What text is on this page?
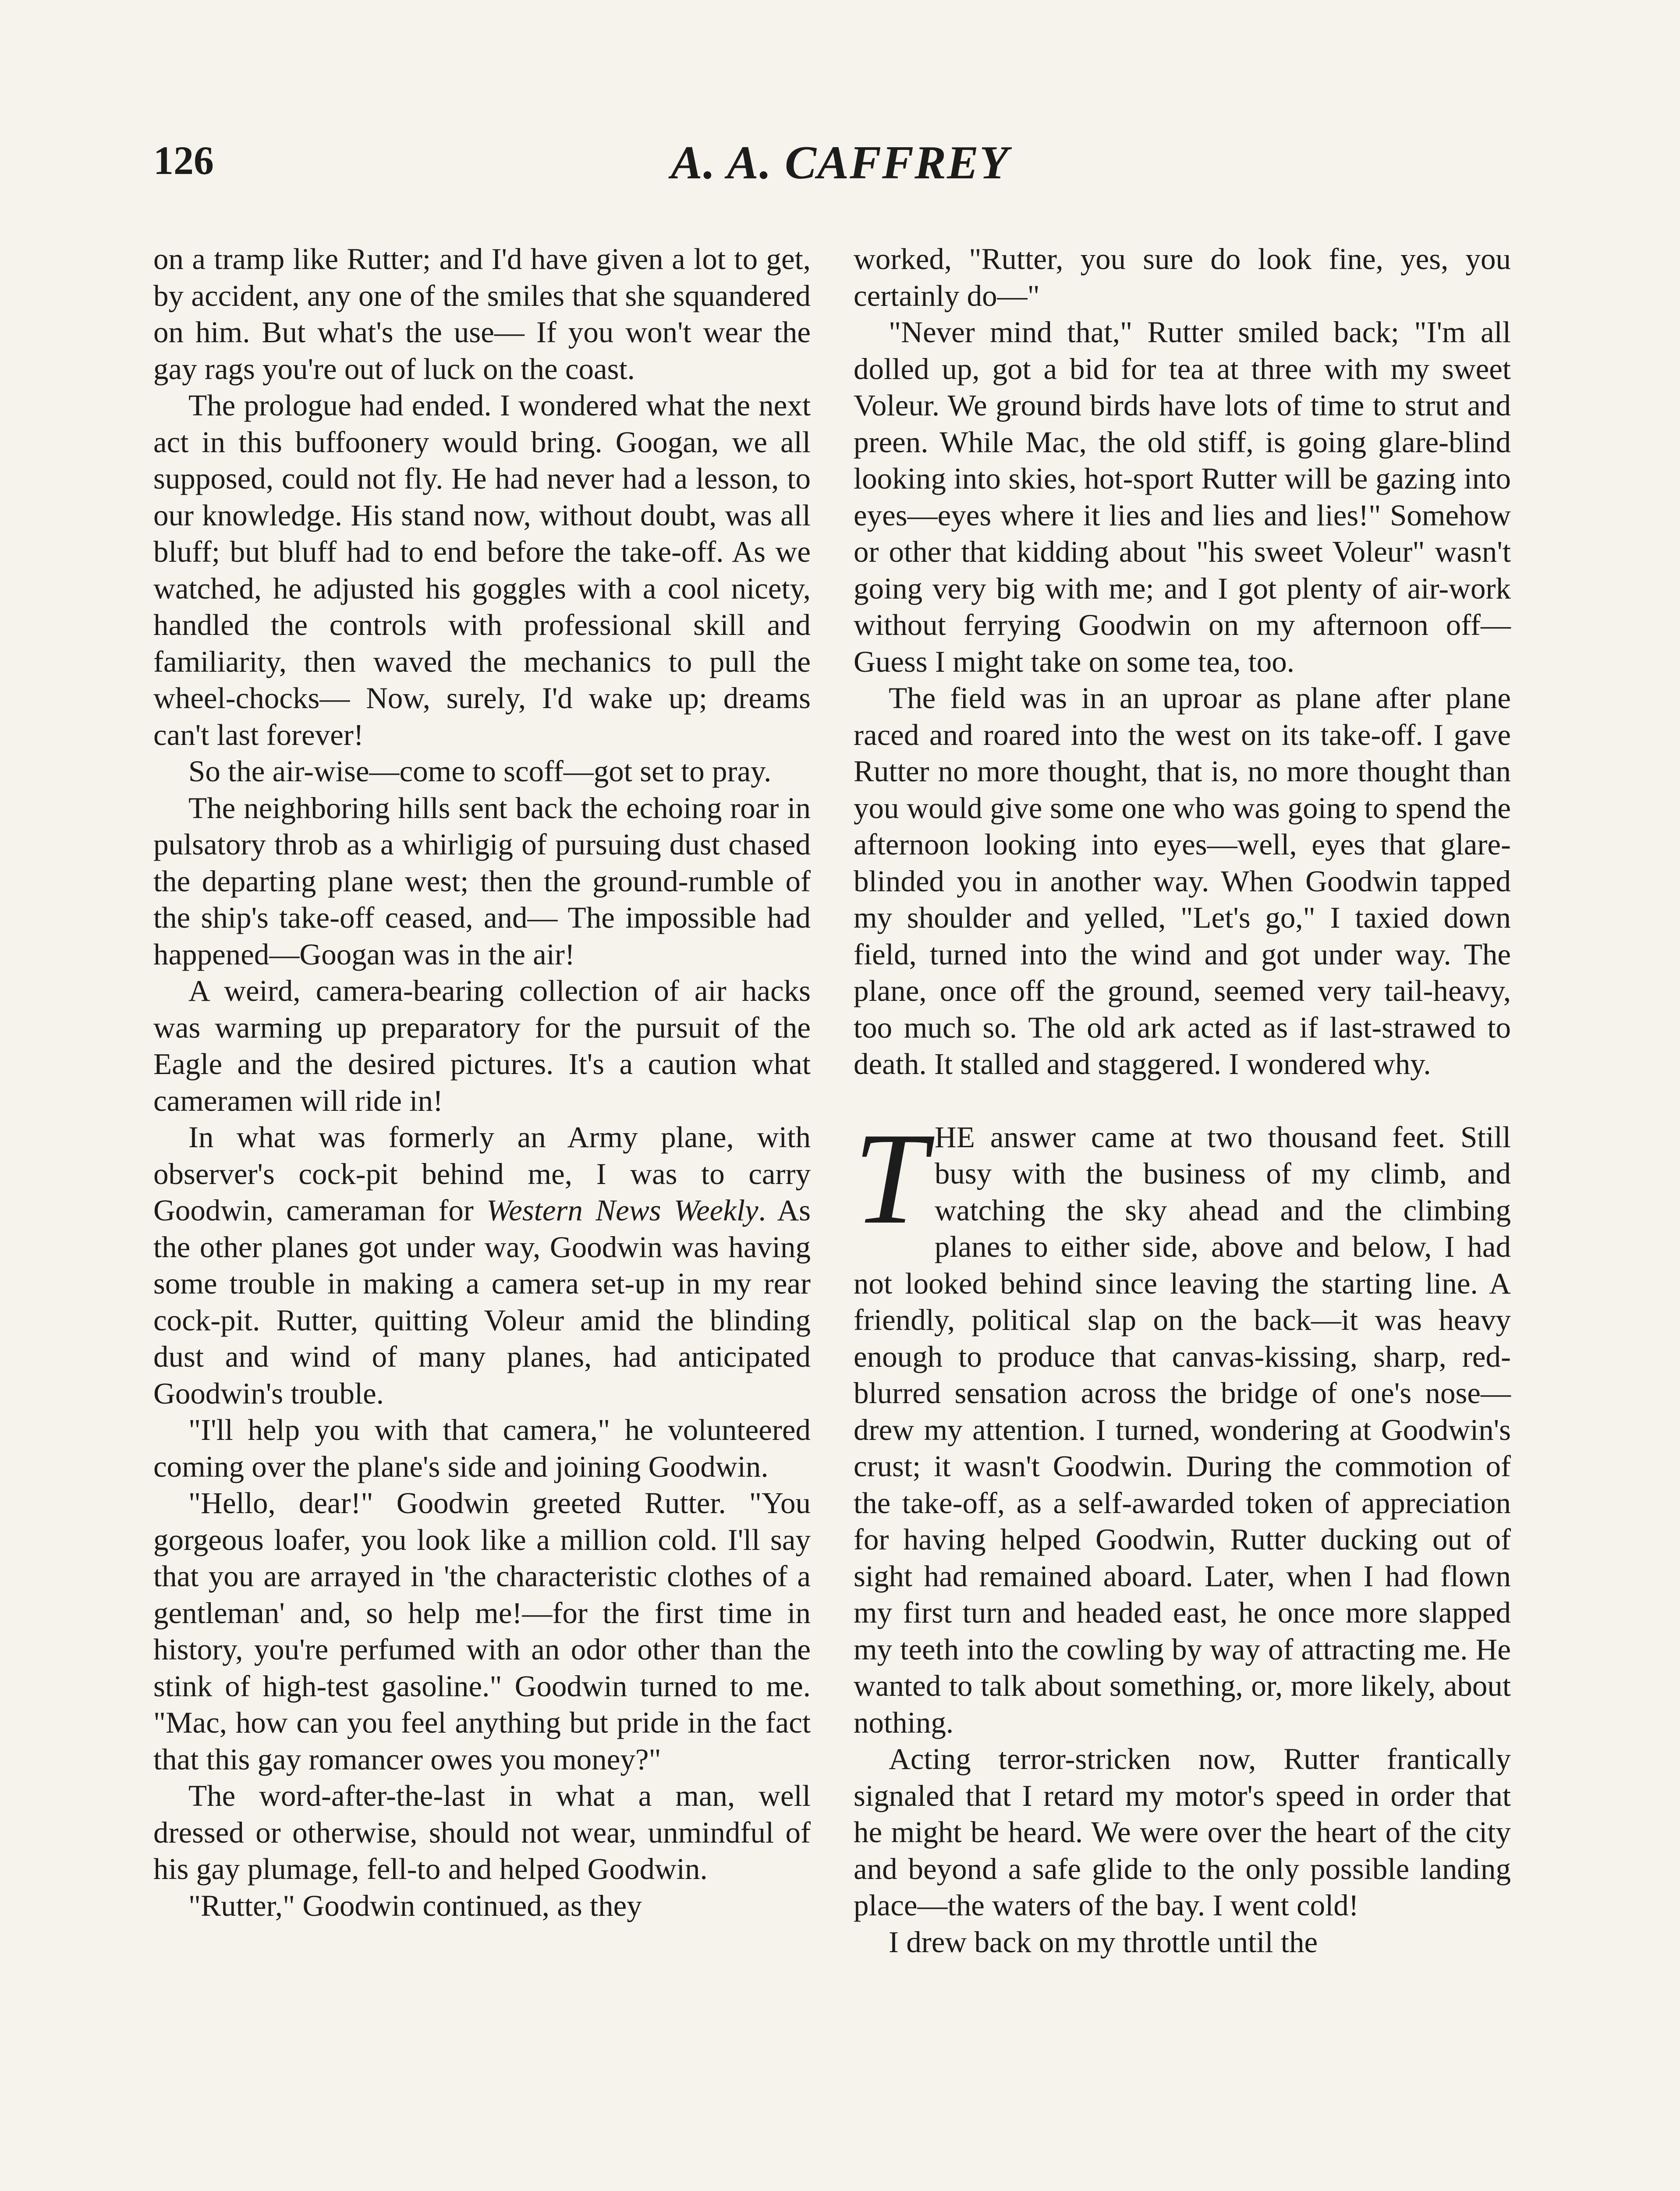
126	A. A. CAFFREY

on a tramp like Rutter; and I'd have given a lot to get, by accident, any one of the smiles that she squandered on him. But what's the use— If you won't wear the gay rags you're out of luck on the coast.

The prologue had ended. I wondered what the next act in this buffoonery would bring. Googan, we all supposed, could not fly. He had never had a lesson, to our knowledge. His stand now, without doubt, was all bluff; but bluff had to end before the take-off. As we watched, he adjusted his goggles with a cool nicety, handled the controls with professional skill and familiarity, then waved the mechanics to pull the wheel-chocks— Now, surely, I'd wake up; dreams can't last forever!

So the air-wise—come to scoff—got set to pray.

The neighboring hills sent back the echoing roar in pulsatory throb as a whirligig of pursuing dust chased the departing plane west; then the ground-rumble of the ship's take-off ceased, and— The impossible had happened—Googan was in the air!

A weird, camera-bearing collection of air hacks was warming up preparatory for the pursuit of the Eagle and the desired pictures. It's a caution what cameramen will ride in!

In what was formerly an Army plane, with observer's cock-pit behind me, I was to carry Goodwin, cameraman for Western News Weekly. As the other planes got under way, Goodwin was having some trouble in making a camera set-up in my rear cock-pit. Rutter, quitting Voleur amid the blinding dust and wind of many planes, had anticipated Goodwin's trouble.

"I'll help you with that camera," he volunteered coming over the plane's side and joining Goodwin.

"Hello, dear!" Goodwin greeted Rutter. "You gorgeous loafer, you look like a million cold. I'll say that you are arrayed in 'the characteristic clothes of a gentleman' and, so help me!—for the first time in history, you're perfumed with an odor other than the stink of high-test gasoline." Goodwin turned to me. "Mac, how can you feel anything but pride in the fact that this gay romancer owes you money?"

The word-after-the-last in what a man, well dressed or otherwise, should not wear, unmindful of his gay plumage, fell-to and helped Goodwin.

"Rutter," Goodwin continued, as they

worked, "Rutter, you sure do look fine, yes, you certainly do—"

"Never mind that," Rutter smiled back; "I'm all dolled up, got a bid for tea at three with my sweet Voleur. We ground birds have lots of time to strut and preen. While Mac, the old stiff, is going glare-blind looking into skies, hot-sport Rutter will be gazing into eyes—eyes where it lies and lies and lies!" Somehow or other that kidding about "his sweet Voleur" wasn't going very big with me; and I got plenty of air-work without ferrying Goodwin on my afternoon off— Guess I might take on some tea, too.

The field was in an uproar as plane after plane raced and roared into the west on its take-off. I gave Rutter no more thought, that is, no more thought than you would give some one who was going to spend the afternoon looking into eyes—well, eyes that glare-blinded you in another way. When Goodwin tapped my shoulder and yelled, "Let's go," I taxied down field, turned into the wind and got under way. The plane, once off the ground, seemed very tail-heavy, too much so. The old ark acted as if last-strawed to death. It stalled and staggered. I wondered why.

THE answer came at two thousand feet. Still busy with the business of my climb, and watching the sky ahead and the climbing planes to either side, above and below, I had not looked behind since leaving the starting line. A friendly, political slap on the back—it was heavy enough to produce that canvas-kissing, sharp, red-blurred sensation across the bridge of one's nose—drew my attention. I turned, wondering at Goodwin's crust; it wasn't Goodwin. During the commotion of the take-off, as a self-awarded token of appreciation for having helped Goodwin, Rutter ducking out of sight had remained aboard. Later, when I had flown my first turn and headed east, he once more slapped my teeth into the cowling by way of attracting me. He wanted to talk about something, or, more likely, about nothing.

Acting terror-stricken now, Rutter frantically signaled that I retard my motor's speed in order that he might be heard. We were over the heart of the city and beyond a safe glide to the only possible landing place—the waters of the bay. I went cold!

I drew back on my throttle until the
